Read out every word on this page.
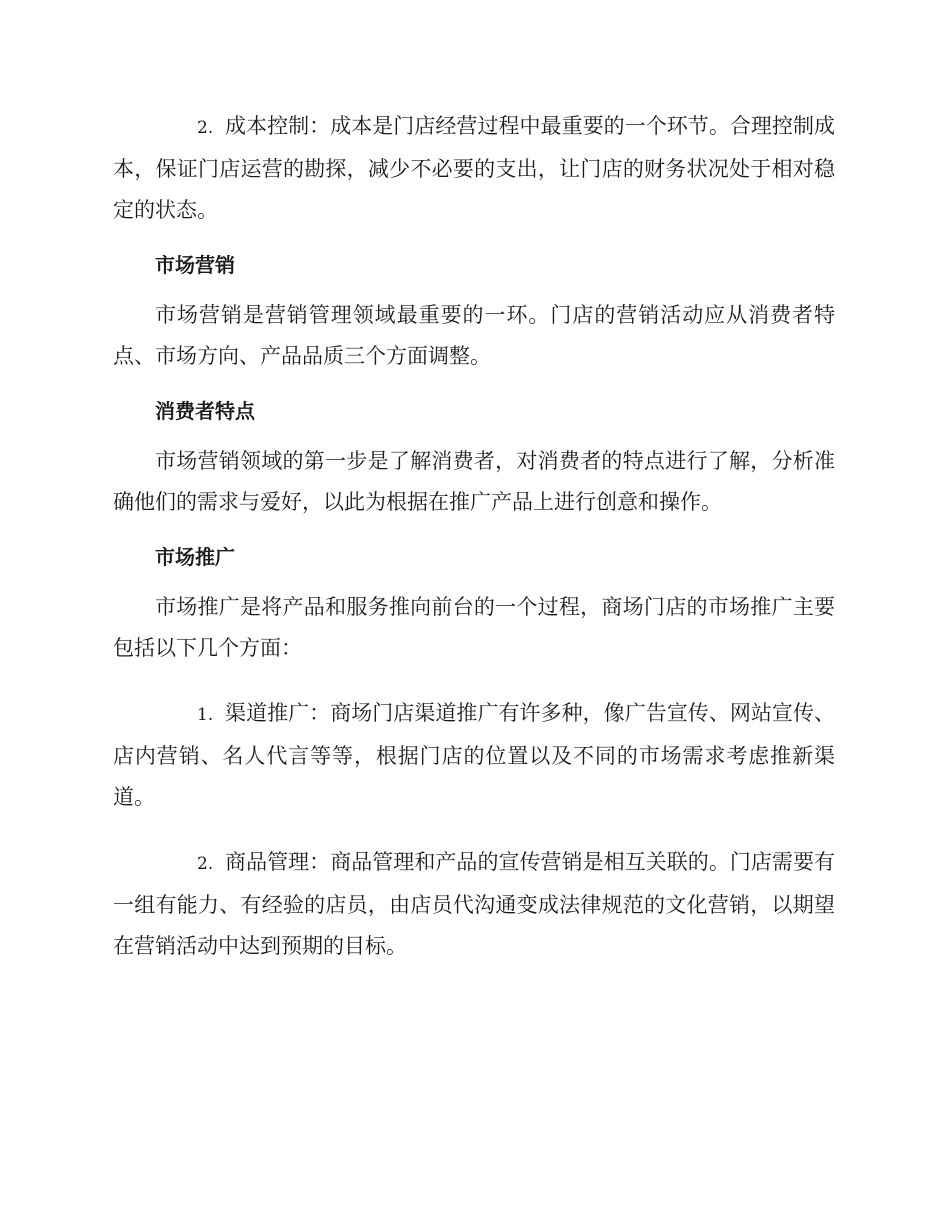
2. 成本控制：成本是门店经营过程中最重要的一个环节。合理控制成本，保证门店运营的勘探，减少不必要的支出，让门店的财务状况处于相对稳定的状态。

市场营销

市场营销是营销管理领域最重要的一环。门店的营销活动应从消费者特点、市场方向、产品品质三个方面调整。

消费者特点

市场营销领域的第一步是了解消费者，对消费者的特点进行了解，分析准确他们的需求与爱好，以此为根据在推广产品上进行创意和操作。

市场推广

市场推广是将产品和服务推向前台的一个过程，商场门店的市场推广主要包括以下几个方面：

1. 渠道推广：商场门店渠道推广有许多种，像广告宣传、网站宣传、店内营销、名人代言等等，根据门店的位置以及不同的市场需求考虑推新渠道。

2. 商品管理：商品管理和产品的宣传营销是相互关联的。门店需要有一组有能力、有经验的店员，由店员代沟通变成法律规范的文化营销，以期望在营销活动中达到预期的目标。
